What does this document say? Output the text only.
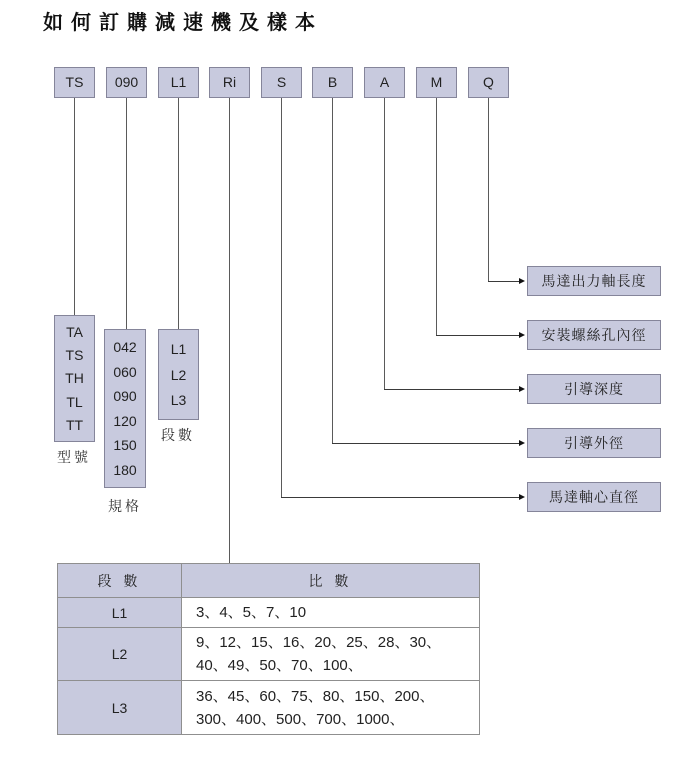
如何訂購減速機及樣本
TS	090	L1	Ri	S	B	A	M	Q
馬達出力軸長度
安裝螺絲孔內徑
引導深度
引導外徑
馬達軸心直徑
TA
TS
TH
TL
TT
型號
042
060
090
120
150
180
規格
L1
L2
L3
段數
段 數	比 數
L1	3、4、5、7、10

L2	9、12、15、16、20、25、28、30、
40、49、50、70、100、

L3	36、45、60、75、80、150、200、
300、400、500、700、1000、
